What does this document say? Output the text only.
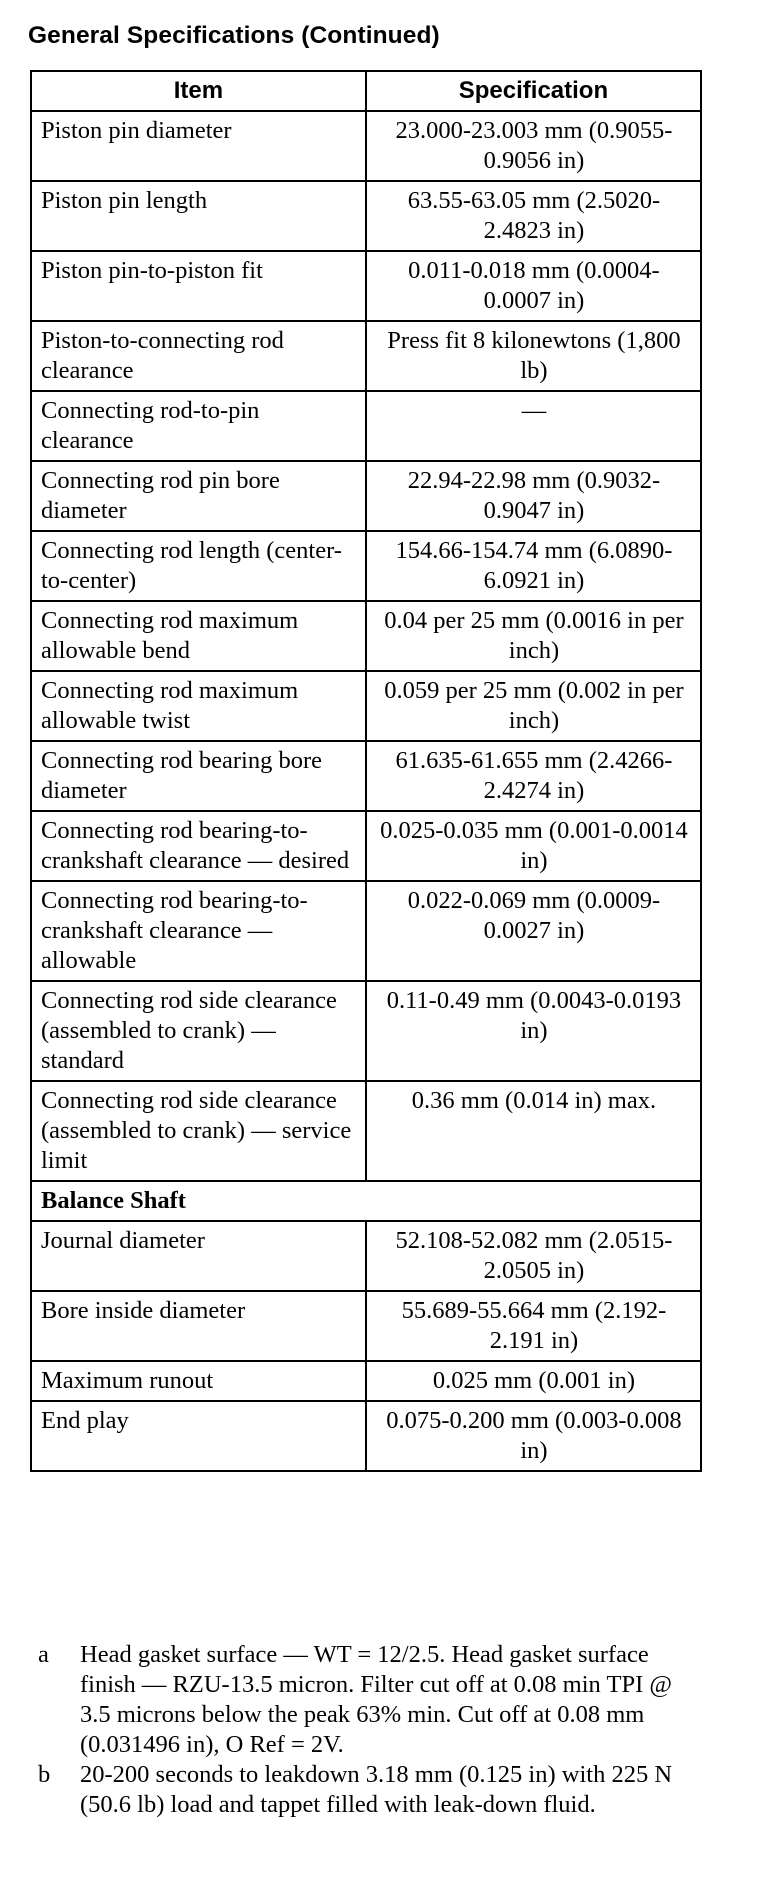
General Specifications (Continued)
Item	Specification
Piston pin diameter	23.000-23.003 mm (0.9055-0.9056 in)
Piston pin length	63.55-63.05 mm (2.5020-2.4823 in)
Piston pin-to-piston fit	0.011-0.018 mm (0.0004-0.0007 in)
Piston-to-connecting rod clearance	Press fit 8 kilonewtons (1,800 lb)
Connecting rod-to-pin clearance	—
Connecting rod pin bore diameter	22.94-22.98 mm (0.9032-0.9047 in)
Connecting rod length (center-to-center)	154.66-154.74 mm (6.0890-6.0921 in)
Connecting rod maximum allowable bend	0.04 per 25 mm (0.0016 in per inch)
Connecting rod maximum allowable twist	0.059 per 25 mm (0.002 in per inch)
Connecting rod bearing bore diameter	61.635-61.655 mm (2.4266-2.4274 in)
Connecting rod bearing-to-crankshaft clearance — desired	0.025-0.035 mm (0.001-0.0014 in)
Connecting rod bearing-to-crankshaft clearance — allowable	0.022-0.069 mm (0.0009-0.0027 in)
Connecting rod side clearance (assembled to crank) — standard	0.11-0.49 mm (0.0043-0.0193 in)
Connecting rod side clearance (assembled to crank) — service limit	0.36 mm (0.014 in) max.
Balance Shaft	
Journal diameter	52.108-52.082 mm (2.0515-2.0505 in)
Bore inside diameter	55.689-55.664 mm (2.192-2.191 in)
Maximum runout	0.025 mm (0.001 in)
End play	0.075-0.200 mm (0.003-0.008 in)
a	Head gasket surface — WT = 12/2.5. Head gasket surface finish — RZU-13.5 micron. Filter cut off at 0.08 min TPI @ 3.5 microns below the peak 63% min. Cut off at 0.08 mm (0.031496 in), O Ref = 2V.
b	20-200 seconds to leakdown 3.18 mm (0.125 in) with 225 N (50.6 lb) load and tappet filled with leak-down fluid.
